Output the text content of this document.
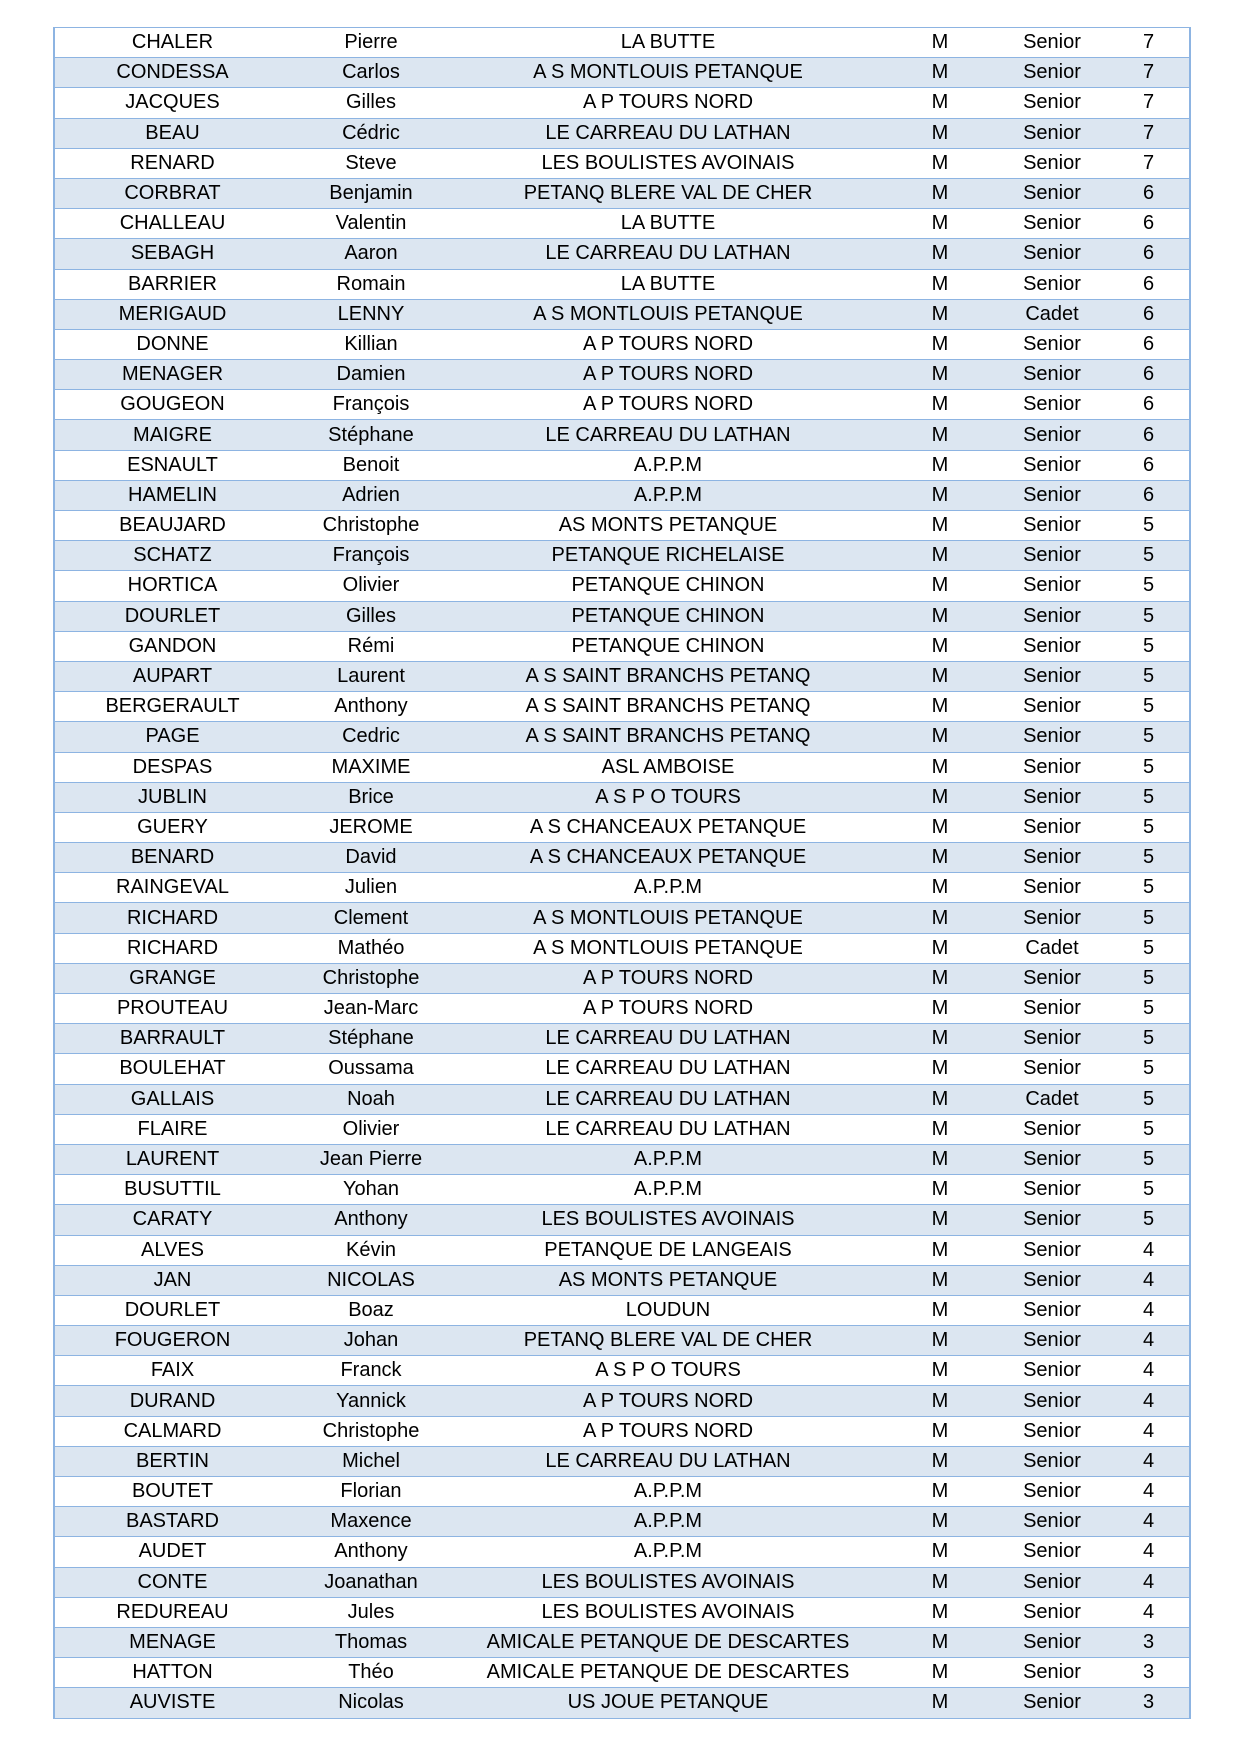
CHALER	Pierre	LA BUTTE	M	Senior	7
CONDESSA	Carlos	A S MONTLOUIS PETANQUE	M	Senior	7
JACQUES	Gilles	A P TOURS NORD	M	Senior	7
BEAU	Cédric	LE CARREAU DU LATHAN	M	Senior	7
RENARD	Steve	LES BOULISTES AVOINAIS	M	Senior	7
CORBRAT	Benjamin	PETANQ BLERE VAL DE CHER	M	Senior	6
CHALLEAU	Valentin	LA BUTTE	M	Senior	6
SEBAGH	Aaron	LE CARREAU DU LATHAN	M	Senior	6
BARRIER	Romain	LA BUTTE	M	Senior	6
MERIGAUD	LENNY	A S MONTLOUIS PETANQUE	M	Cadet	6
DONNE	Killian	A P TOURS NORD	M	Senior	6
MENAGER	Damien	A P TOURS NORD	M	Senior	6
GOUGEON	François	A P TOURS NORD	M	Senior	6
MAIGRE	Stéphane	LE CARREAU DU LATHAN	M	Senior	6
ESNAULT	Benoit	A.P.P.M	M	Senior	6
HAMELIN	Adrien	A.P.P.M	M	Senior	6
BEAUJARD	Christophe	AS MONTS PETANQUE	M	Senior	5
SCHATZ	François	PETANQUE RICHELAISE	M	Senior	5
HORTICA	Olivier	PETANQUE CHINON	M	Senior	5
DOURLET	Gilles	PETANQUE CHINON	M	Senior	5
GANDON	Rémi	PETANQUE CHINON	M	Senior	5
AUPART	Laurent	A S SAINT BRANCHS PETANQ	M	Senior	5
BERGERAULT	Anthony	A S SAINT BRANCHS PETANQ	M	Senior	5
PAGE	Cedric	A S SAINT BRANCHS PETANQ	M	Senior	5
DESPAS	MAXIME	ASL AMBOISE	M	Senior	5
JUBLIN	Brice	A S P O TOURS	M	Senior	5
GUERY	JEROME	A S CHANCEAUX PETANQUE	M	Senior	5
BENARD	David	A S CHANCEAUX PETANQUE	M	Senior	5
RAINGEVAL	Julien	A.P.P.M	M	Senior	5
RICHARD	Clement	A S MONTLOUIS PETANQUE	M	Senior	5
RICHARD	Mathéo	A S MONTLOUIS PETANQUE	M	Cadet	5
GRANGE	Christophe	A P TOURS NORD	M	Senior	5
PROUTEAU	Jean-Marc	A P TOURS NORD	M	Senior	5
BARRAULT	Stéphane	LE CARREAU DU LATHAN	M	Senior	5
BOULEHAT	Oussama	LE CARREAU DU LATHAN	M	Senior	5
GALLAIS	Noah	LE CARREAU DU LATHAN	M	Cadet	5
FLAIRE	Olivier	LE CARREAU DU LATHAN	M	Senior	5
LAURENT	Jean Pierre	A.P.P.M	M	Senior	5
BUSUTTIL	Yohan	A.P.P.M	M	Senior	5
CARATY	Anthony	LES BOULISTES AVOINAIS	M	Senior	5
ALVES	Kévin	PETANQUE DE LANGEAIS	M	Senior	4
JAN	NICOLAS	AS MONTS PETANQUE	M	Senior	4
DOURLET	Boaz	LOUDUN	M	Senior	4
FOUGERON	Johan	PETANQ BLERE VAL DE CHER	M	Senior	4
FAIX	Franck	A S P O TOURS	M	Senior	4
DURAND	Yannick	A P TOURS NORD	M	Senior	4
CALMARD	Christophe	A P TOURS NORD	M	Senior	4
BERTIN	Michel	LE CARREAU DU LATHAN	M	Senior	4
BOUTET	Florian	A.P.P.M	M	Senior	4
BASTARD	Maxence	A.P.P.M	M	Senior	4
AUDET	Anthony	A.P.P.M	M	Senior	4
CONTE	Joanathan	LES BOULISTES AVOINAIS	M	Senior	4
REDUREAU	Jules	LES BOULISTES AVOINAIS	M	Senior	4
MENAGE	Thomas	AMICALE PETANQUE DE DESCARTES	M	Senior	3
HATTON	Théo	AMICALE PETANQUE DE DESCARTES	M	Senior	3
AUVISTE	Nicolas	US JOUE PETANQUE	M	Senior	3
